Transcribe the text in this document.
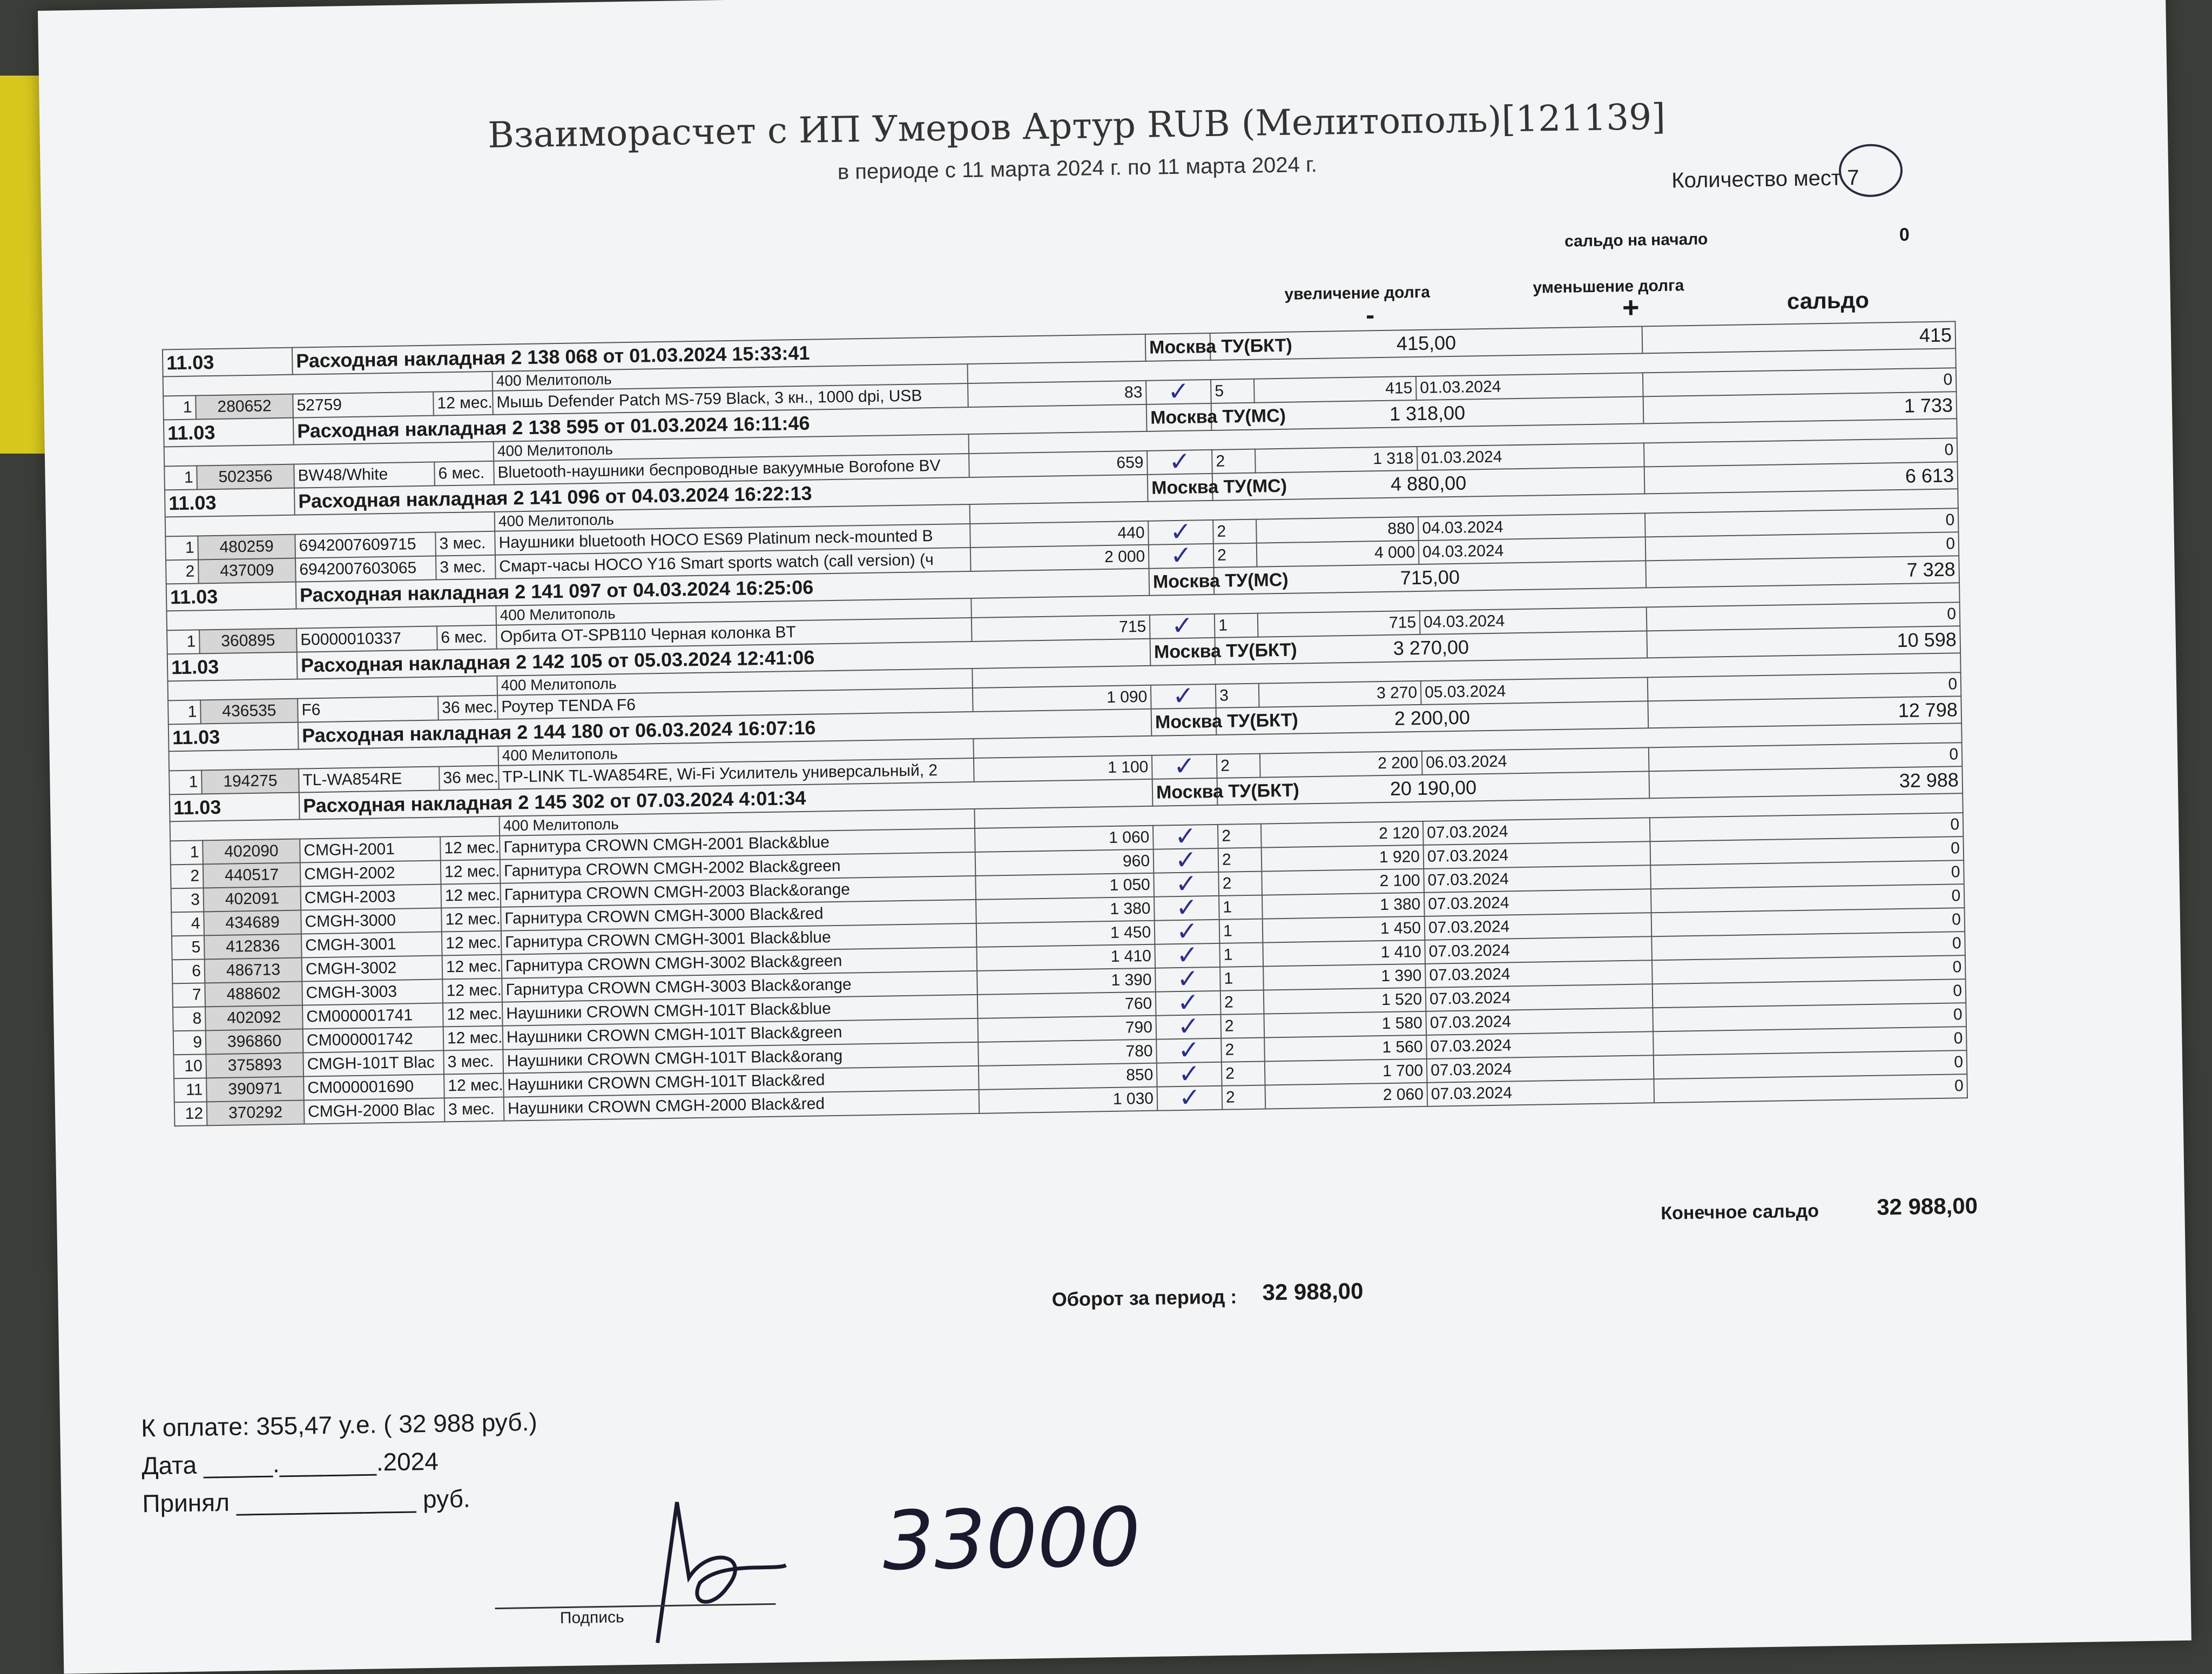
Взаиморасчет с ИП Умеров Артур RUB (Мелитополь)[121139]
в периоде с 11 марта 2024 г. по 11 марта 2024 г.	Количество мест 7
сальдо на начало	0
увеличение долга	уменьшение долга
сальдо
-	+
11.03		Расходная накладная 2 138 068 от 01.03.2024 15:33:41				Москва ТУ(БКТ)	415,00			415
				400 Мелитополь						
1	280652	52759	12 мес.	Мышь Defender Patch MS-759 Black, 3 кн., 1000 dpi, USB	83	✓	5	415	01.03.2024	0
11.03		Расходная накладная 2 138 595 от 01.03.2024 16:11:46				Москва ТУ(МС)	1 318,00			1 733
				400 Мелитополь						
1	502356	BW48/White	6 мес.	Bluetooth-наушники беспроводные вакуумные Borofone BV	659	✓	2	1 318	01.03.2024	0
11.03		Расходная накладная 2 141 096 от 04.03.2024 16:22:13				Москва ТУ(МС)	4 880,00			6 613
				400 Мелитополь						
1	480259	6942007609715	3 мес.	Наушники bluetooth HOCO ES69 Platinum neck-mounted B	440	✓	2	880	04.03.2024	0
2	437009	6942007603065	3 мес.	Смарт-часы HOCO Y16 Smart sports watch (call version) (ч	2 000	✓	2	4 000	04.03.2024	0
11.03		Расходная накладная 2 141 097 от 04.03.2024 16:25:06				Москва ТУ(МС)	715,00			7 328
				400 Мелитополь						
1	360895	Б0000010337	6 мес.	Орбита OT-SPB110 Черная колонка BT	715	✓	1	715	04.03.2024	0
11.03		Расходная накладная 2 142 105 от 05.03.2024 12:41:06				Москва ТУ(БКТ)	3 270,00			10 598
				400 Мелитополь						
1	436535	F6	36 мес.	Роутер TENDA F6	1 090	✓	3	3 270	05.03.2024	0
11.03		Расходная накладная 2 144 180 от 06.03.2024 16:07:16				Москва ТУ(БКТ)	2 200,00			12 798
				400 Мелитополь						
1	194275	TL-WA854RE	36 мес.	TP-LINK TL-WA854RE, Wi-Fi Усилитель универсальный, 2	1 100	✓	2	2 200	06.03.2024	0
11.03		Расходная накладная 2 145 302 от 07.03.2024 4:01:34				Москва ТУ(БКТ)	20 190,00			32 988
				400 Мелитополь						
1	402090	CMGH-2001	12 мес.	Гарнитура CROWN CMGH-2001 Black&blue	1 060	✓	2	2 120	07.03.2024	0
2	440517	CMGH-2002	12 мес.	Гарнитура CROWN CMGH-2002 Black&green	960	✓	2	1 920	07.03.2024	0
3	402091	CMGH-2003	12 мес.	Гарнитура CROWN CMGH-2003 Black&orange	1 050	✓	2	2 100	07.03.2024	0
4	434689	CMGH-3000	12 мес.	Гарнитура CROWN CMGH-3000 Black&red	1 380	✓	1	1 380	07.03.2024	0
5	412836	CMGH-3001	12 мес.	Гарнитура CROWN CMGH-3001 Black&blue	1 450	✓	1	1 450	07.03.2024	0
6	486713	CMGH-3002	12 мес.	Гарнитура CROWN CMGH-3002 Black&green	1 410	✓	1	1 410	07.03.2024	0
7	488602	CMGH-3003	12 мес.	Гарнитура CROWN CMGH-3003 Black&orange	1 390	✓	1	1 390	07.03.2024	0
8	402092	CM000001741	12 мес.	Наушники CROWN CMGH-101T Black&blue	760	✓	2	1 520	07.03.2024	0
9	396860	CM000001742	12 мес.	Наушники CROWN CMGH-101T Black&green	790	✓	2	1 580	07.03.2024	0
10	375893	CMGH-101T Blac	3 мес.	Наушники CROWN CMGH-101T Black&orang	780	✓	2	1 560	07.03.2024	0
11	390971	CM000001690	12 мес.	Наушники CROWN CMGH-101T Black&red	850	✓	2	1 700	07.03.2024	0
12	370292	CMGH-2000 Blac	3 мес.	Наушники CROWN CMGH-2000 Black&red	1 030	✓	2	2 060	07.03.2024	0
Конечное сальдо	32 988,00
Оборот за период : 32 988,00
К оплате: 355,47 у.е. ( 32 988 руб.)
Дата _____._______.2024
Принял _____________ руб.	33000
Подпись
